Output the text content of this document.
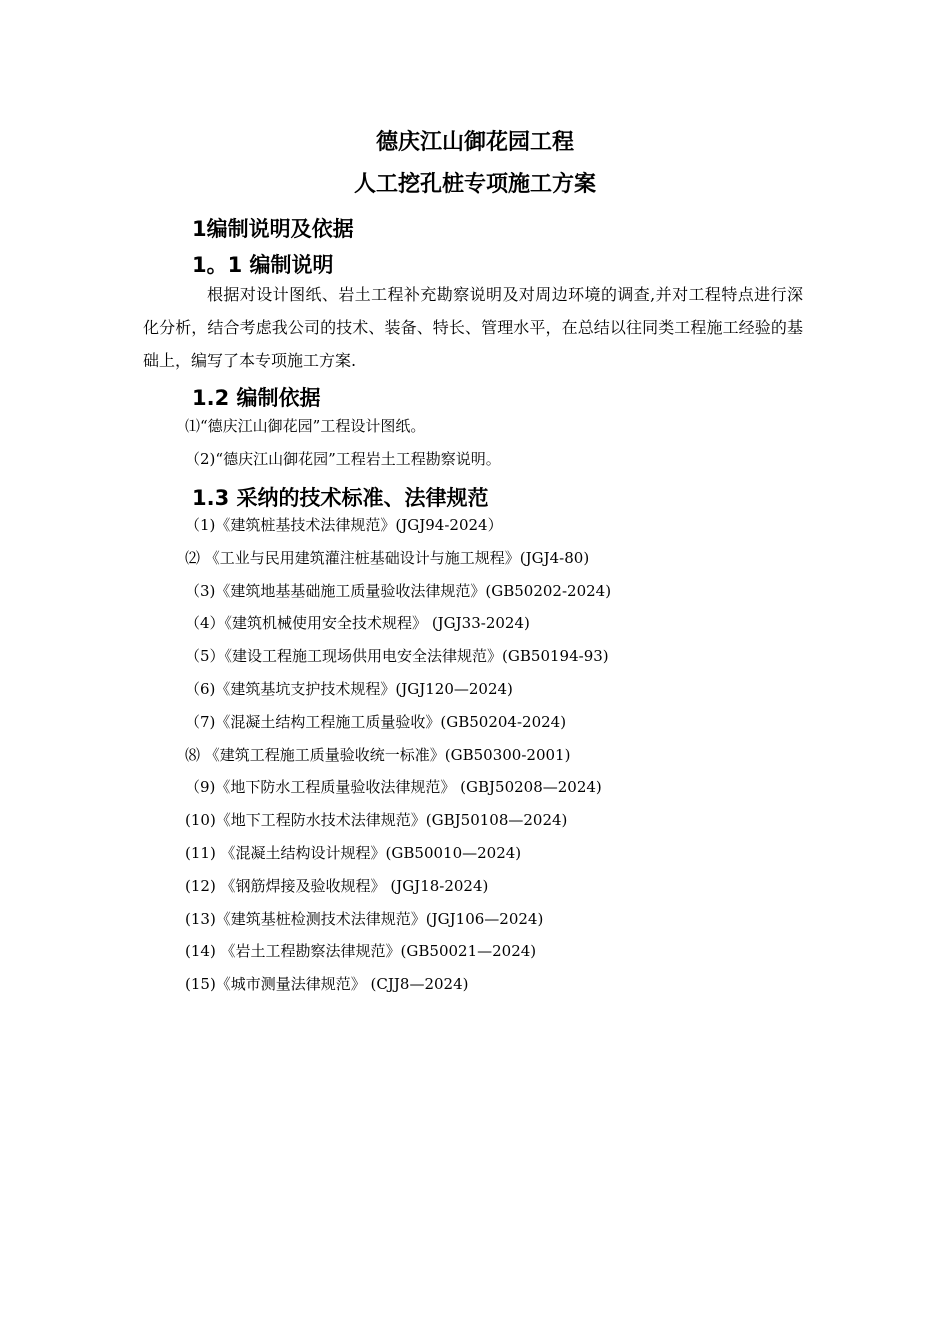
德庆江山御花园工程
人工挖孔桩专项施工方案
1编制说明及依据
1。1 编制说明
根据对设计图纸、岩土工程补充勘察说明及对周边环境的调查,并对工程特点进行深化分析，结合考虑我公司的技术、装备、特长、管理水平，在总结以往同类工程施工经验的基础上，编写了本专项施工方案.
1.2 编制依据
⑴“德庆江山御花园”工程设计图纸。
（2)“德庆江山御花园”工程岩土工程勘察说明。
1.3 采纳的技术标准、法律规范
（1)《建筑桩基技术法律规范》(JGJ94-2024）
⑵ 《工业与民用建筑灌注桩基础设计与施工规程》(JGJ4-80)
（3)《建筑地基基础施工质量验收法律规范》(GB50202-2024)
（4）《建筑机械使用安全技术规程》 (JGJ33-2024)
（5）《建设工程施工现场供用电安全法律规范》(GB50194-93)
（6)《建筑基坑支护技术规程》(JGJ120—2024)
（7)《混凝土结构工程施工质量验收》(GB50204-2024)
⑻ 《建筑工程施工质量验收统一标准》(GB50300-2001)
（9)《地下防水工程质量验收法律规范》 (GBJ50208—2024)
(10)《地下工程防水技术法律规范》(GBJ50108—2024)
(11) 《混凝土结构设计规程》(GB50010—2024)
(12) 《钢筋焊接及验收规程》 (JGJ18-2024)
(13)《建筑基桩检测技术法律规范》(JGJ106—2024)
(14) 《岩土工程勘察法律规范》(GB50021—2024)
(15)《城市测量法律规范》 (CJJ8—2024)
